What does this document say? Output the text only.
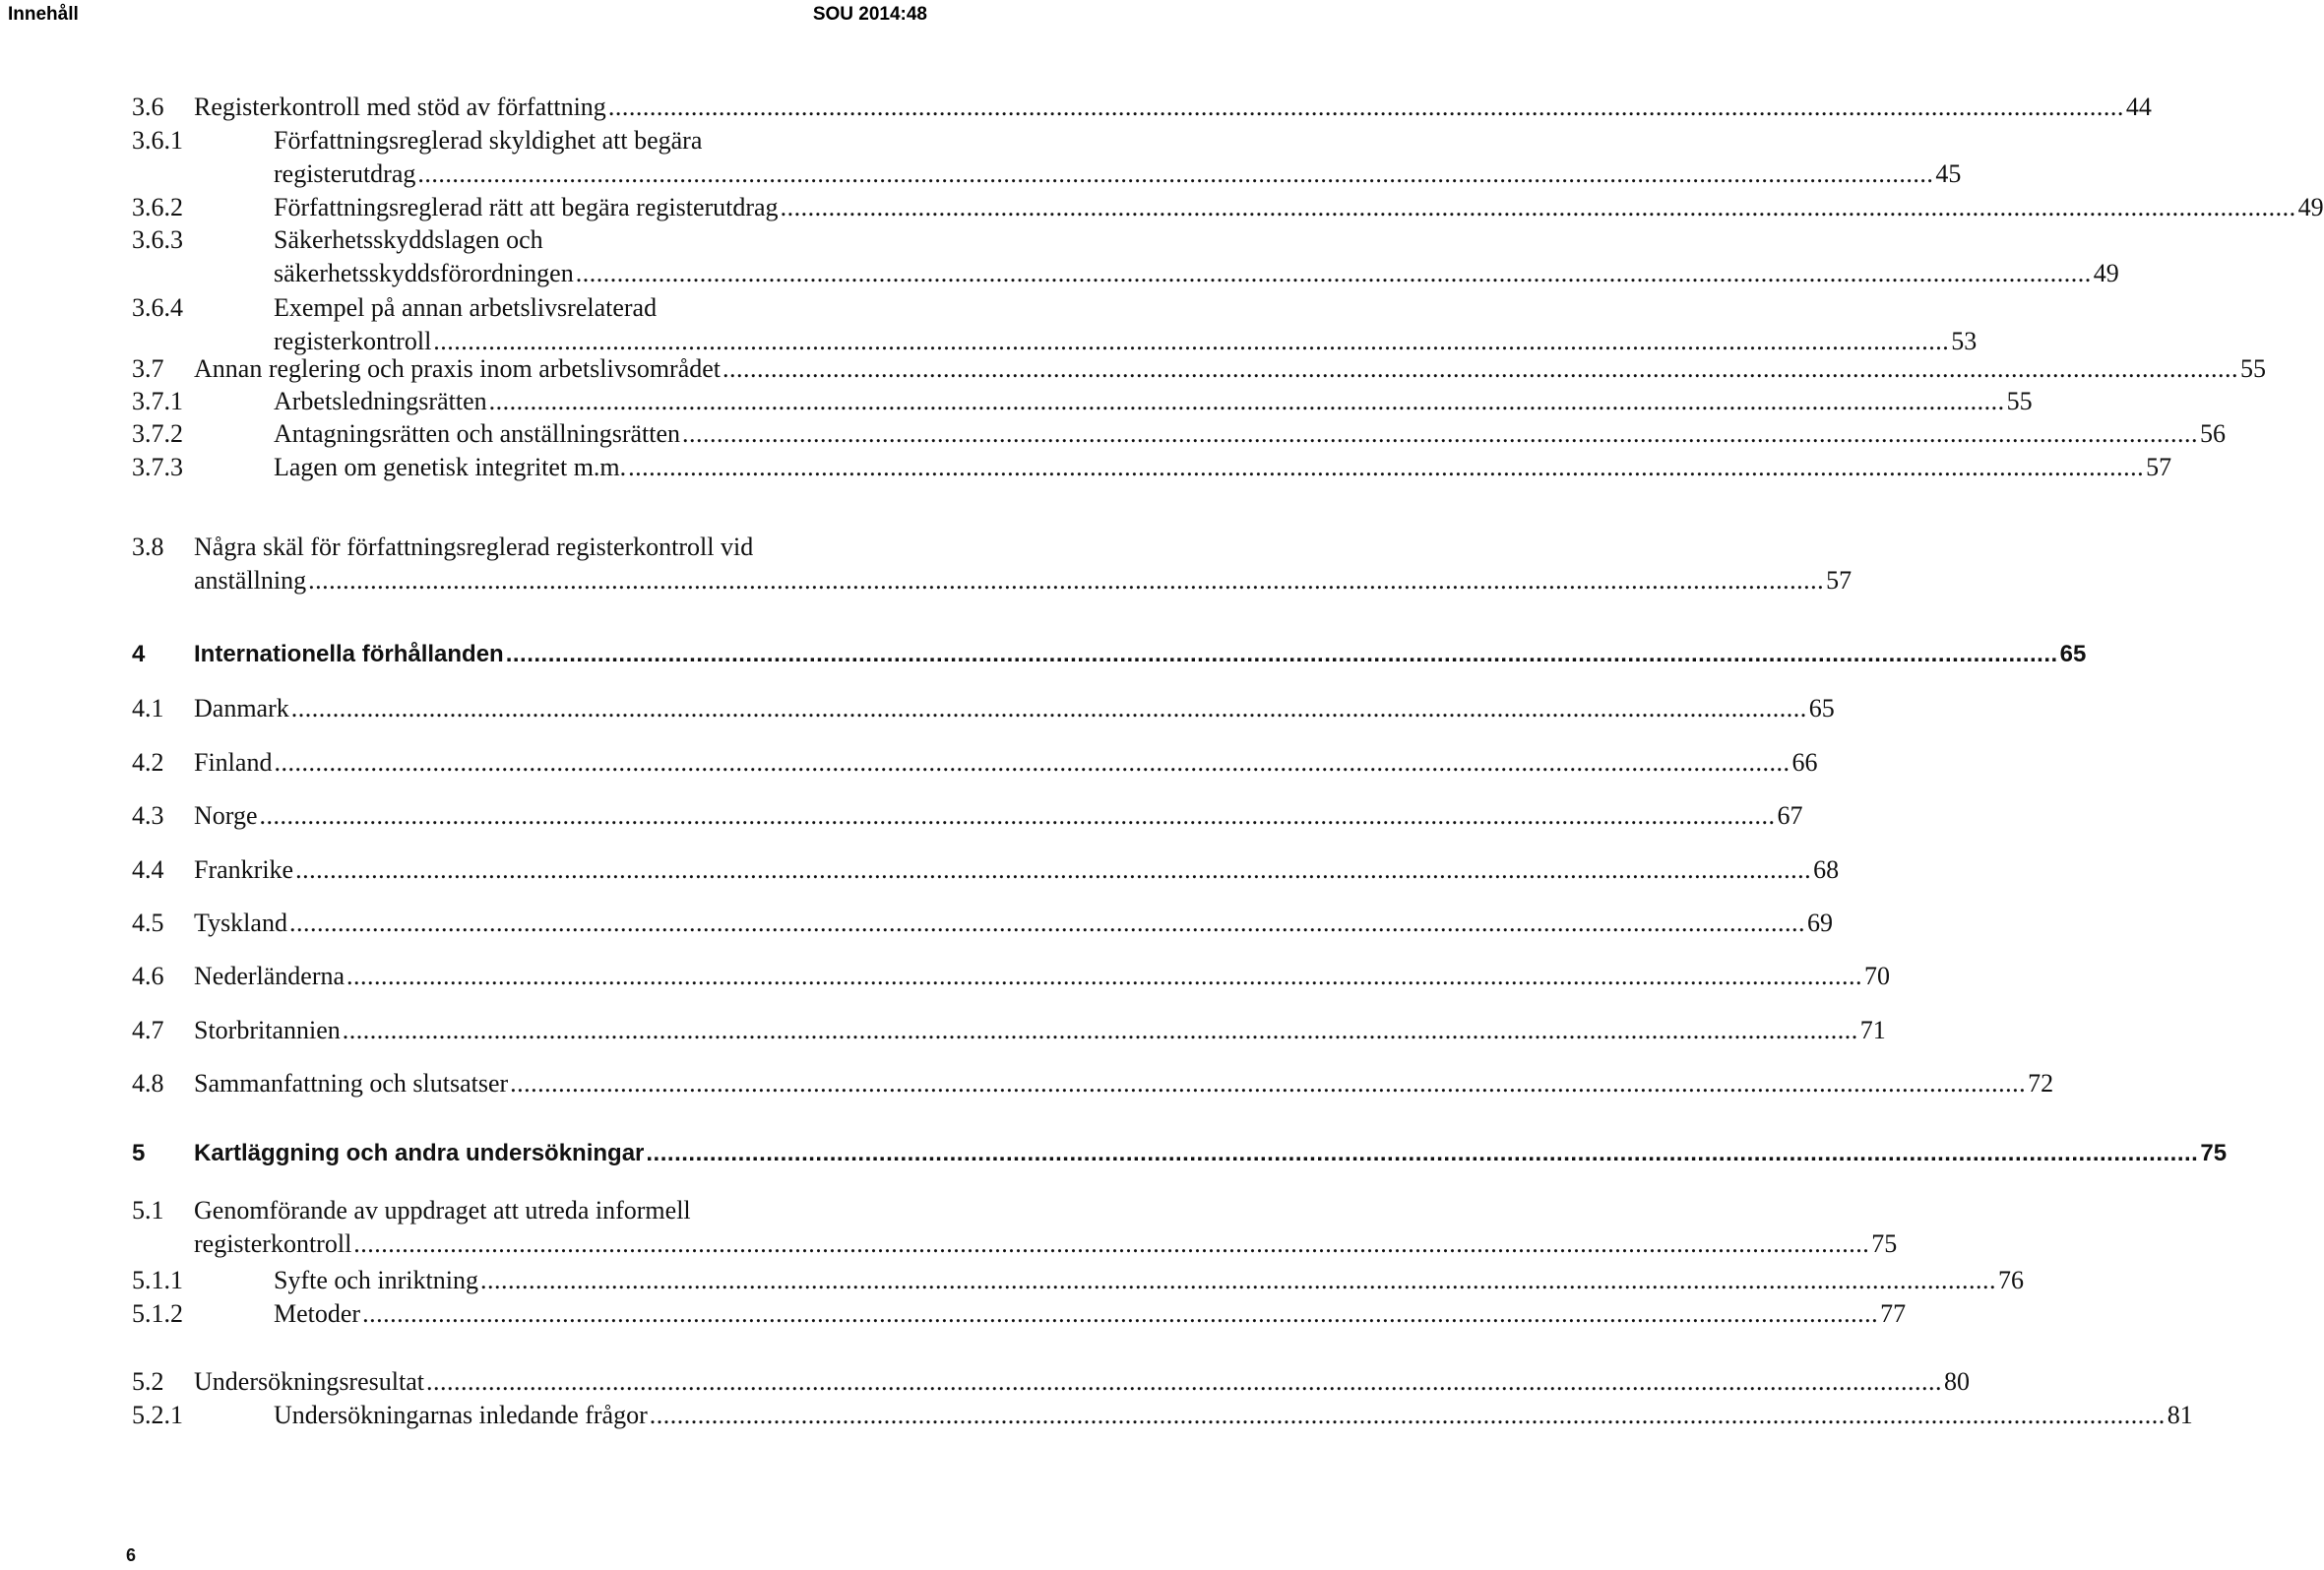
Innehåll	SOU 2014:48
3.6 Registerkontroll med stöd av författning ............................................................................................................................................................................................................................ 44
3.6.1	Författningsreglerad skyldighet att begära
registerutdrag ............................................................................................................................................................................................................................ 45
3.6.2	Författningsreglerad rätt att begära registerutdrag ............................................................................................................................................................................................................................ 49
3.6.3	Säkerhetsskyddslagen och
säkerhetsskyddsförordningen ............................................................................................................................................................................................................................ 49
3.6.4	Exempel på annan arbetslivsrelaterad
registerkontroll ............................................................................................................................................................................................................................ 53
3.7 Annan reglering och praxis inom arbetslivsområdet ............................................................................................................................................................................................................................ 55
3.7.1	Arbetsledningsrätten ............................................................................................................................................................................................................................ 55
3.7.2	Antagningsrätten och anställningsrätten ............................................................................................................................................................................................................................ 56
3.7.3	Lagen om genetisk integritet m.m. ............................................................................................................................................................................................................................ 57
3.8 Några skäl för författningsreglerad registerkontroll vid
anställning ............................................................................................................................................................................................................................ 57
4 Internationella förhållanden ............................................................................................................................................................................................................................ 65
4.1 Danmark ............................................................................................................................................................................................................................ 65
4.2 Finland ............................................................................................................................................................................................................................ 66
4.3 Norge ............................................................................................................................................................................................................................ 67
4.4 Frankrike ............................................................................................................................................................................................................................ 68
4.5 Tyskland ............................................................................................................................................................................................................................ 69
4.6 Nederländerna ............................................................................................................................................................................................................................ 70
4.7 Storbritannien ............................................................................................................................................................................................................................ 71
4.8 Sammanfattning och slutsatser ............................................................................................................................................................................................................................ 72
5 Kartläggning och andra undersökningar ............................................................................................................................................................................................................................ 75
5.1 Genomförande av uppdraget att utreda informell
registerkontroll ............................................................................................................................................................................................................................ 75
5.1.1	Syfte och inriktning ............................................................................................................................................................................................................................ 76
5.1.2	Metoder ............................................................................................................................................................................................................................ 77
5.2 Undersökningsresultat ............................................................................................................................................................................................................................ 80
5.2.1	Undersökningarnas inledande frågor ............................................................................................................................................................................................................................ 81
6
